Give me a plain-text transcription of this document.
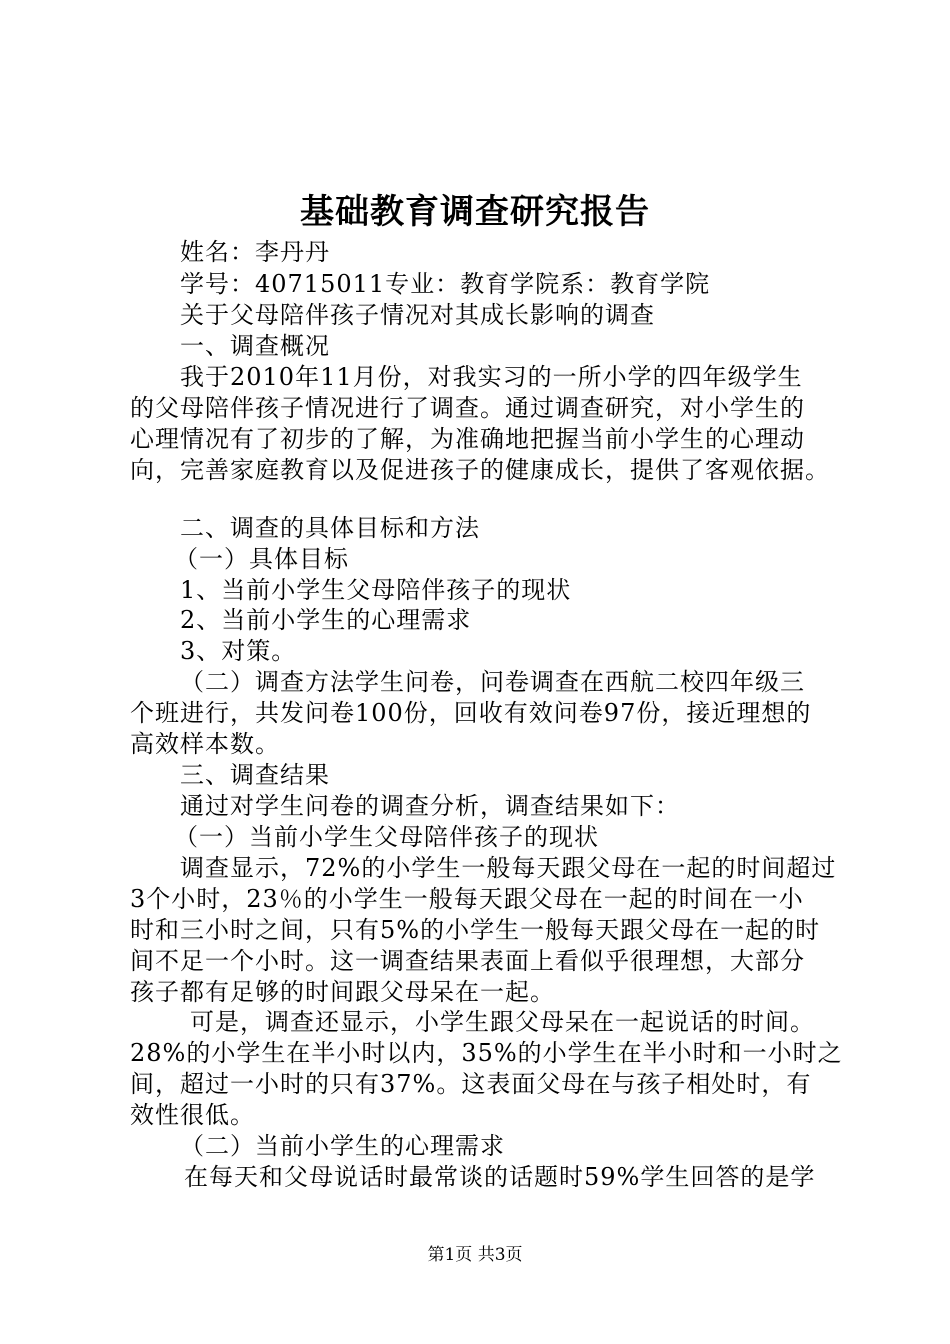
基础教育调查研究报告
姓名：李丹丹
学号：40715011专业：教育学院系：教育学院
关于父母陪伴孩子情况对其成长影响的调查
一、调查概况
我于2010年11月份，对我实习的一所小学的四年级学生
的父母陪伴孩子情况进行了调查。通过调查研究，对小学生的
心理情况有了初步的了解，为准确地把握当前小学生的心理动
向，完善家庭教育以及促进孩子的健康成长，提供了客观依据。
二、调查的具体目标和方法
（一）具体目标
1、当前小学生父母陪伴孩子的现状
2、当前小学生的心理需求
3、对策。
（二）调查方法学生问卷，问卷调查在西航二校四年级三
个班进行，共发问卷100份，回收有效问卷97份，接近理想的
高效样本数。
三、调查结果
通过对学生问卷的调查分析，调查结果如下：
（一）当前小学生父母陪伴孩子的现状
调查显示，72%的小学生一般每天跟父母在一起的时间超过
3个小时，23％的小学生一般每天跟父母在一起的时间在一小
时和三小时之间，只有5%的小学生一般每天跟父母在一起的时
间不足一个小时。这一调查结果表面上看似乎很理想，大部分
孩子都有足够的时间跟父母呆在一起。
可是，调查还显示，小学生跟父母呆在一起说话的时间。
28%的小学生在半小时以内，35%的小学生在半小时和一小时之
间，超过一小时的只有37%。这表面父母在与孩子相处时，有
效性很低。
（二）当前小学生的心理需求
在每天和父母说话时最常谈的话题时59%学生回答的是学
第1页 共3页
